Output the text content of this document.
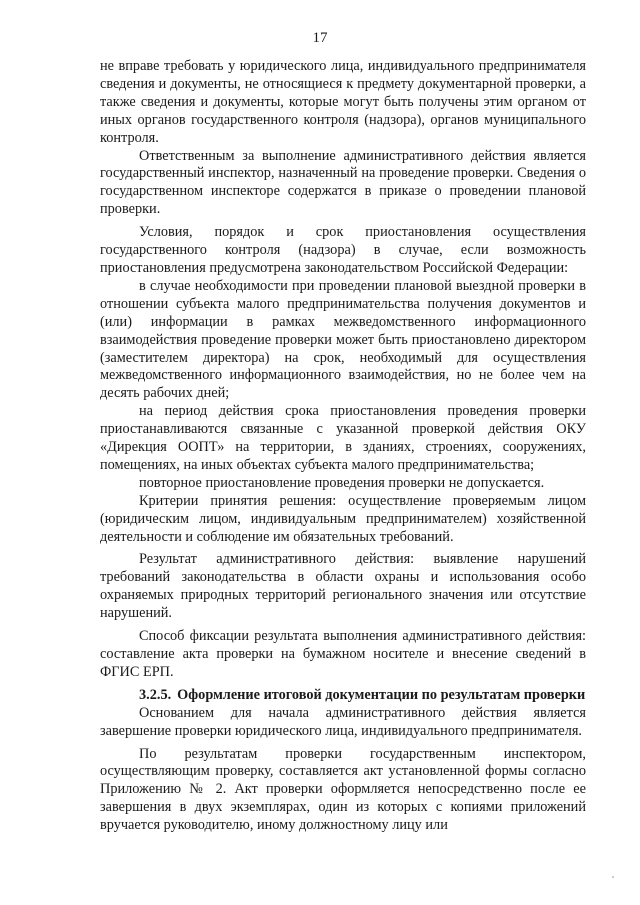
17

не вправе требовать у юридического лица, индивидуального предпринимателя сведения и документы, не относящиеся к предмету документарной проверки, а также сведения и документы, которые могут быть получены этим органом от иных органов государственного контроля (надзора), органов муниципального контроля.

Ответственным за выполнение административного действия является государственный инспектор, назначенный на проведение проверки. Сведения о государственном инспекторе содержатся в приказе о проведении плановой проверки.

Условия, порядок и срок приостановления осуществления государственного контроля (надзора) в случае, если возможность приостановления предусмотрена законодательством Российской Федерации:

в случае необходимости при проведении плановой выездной проверки в отношении субъекта малого предпринимательства получения документов и (или) информации в рамках межведомственного информационного взаимодействия проведение проверки может быть приостановлено директором (заместителем директора) на срок, необходимый для осуществления межведомственного информационного взаимодействия, но не более чем на десять рабочих дней;

на период действия срока приостановления проведения проверки приостанавливаются связанные с указанной проверкой действия ОКУ «Дирекция ООПТ» на территории, в зданиях, строениях, сооружениях, помещениях, на иных объектах субъекта малого предпринимательства;

повторное приостановление проведения проверки не допускается.

Критерии принятия решения: осуществление проверяемым лицом (юридическим лицом, индивидуальным предпринимателем) хозяйственной деятельности и соблюдение им обязательных требований.

Результат административного действия: выявление нарушений требований законодательства в области охраны и использования особо охраняемых природных территорий регионального значения или отсутствие нарушений.

Способ фиксации результата выполнения административного действия: составление акта проверки на бумажном носителе и внесение сведений в ФГИС ЕРП.

3.2.5. Оформление итоговой документации по результатам проверки

Основанием для начала административного действия является завершение проверки юридического лица, индивидуального предпринимателя.

По результатам проверки государственным инспектором, осуществляющим проверку, составляется акт установленной формы согласно Приложению № 2. Акт проверки оформляется непосредственно после ее завершения в двух экземплярах, один из которых с копиями приложений вручается руководителю, иному должностному лицу или
